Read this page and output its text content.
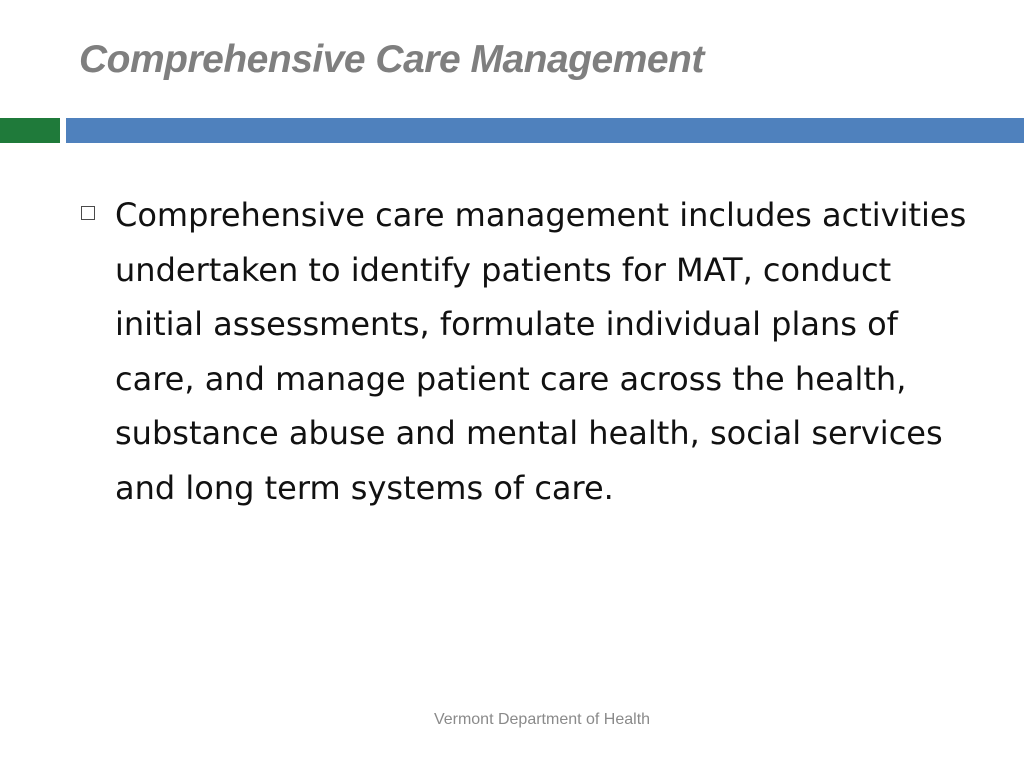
Comprehensive Care Management
Comprehensive care management includes activities undertaken to identify patients for MAT, conduct initial assessments, formulate individual plans of care, and manage patient care across the health, substance abuse and mental health, social services and long term systems of care.
Vermont Department of Health
